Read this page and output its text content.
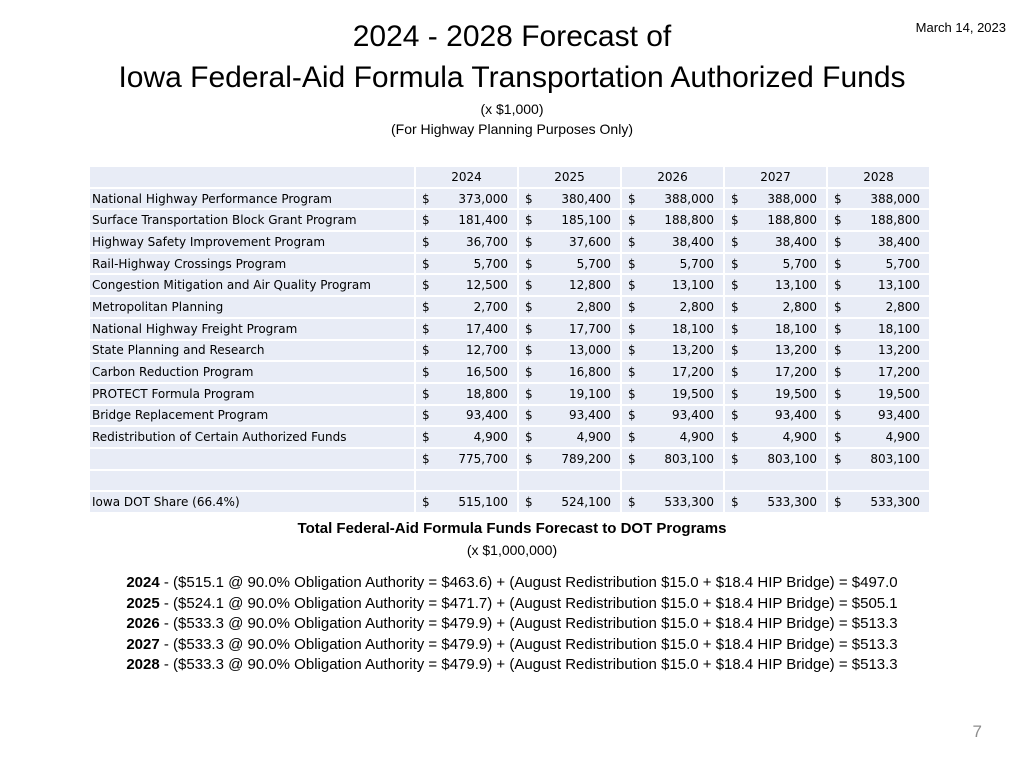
March 14, 2023
2024 - 2028 Forecast of
Iowa Federal-Aid Formula Transportation Authorized Funds
(x $1,000)
(For Highway Planning Purposes Only)
	2024	2025	2026	2027	2028
National Highway Performance Program	$ 373,000	$ 380,400	$ 388,000	$ 388,000	$ 388,000

Surface Transportation Block Grant Program	$ 181,400	$ 185,100	$ 188,800	$ 188,800	$ 188,800

Highway Safety Improvement Program	$ 36,700	$ 37,600	$ 38,400	$ 38,400	$ 38,400

Rail-Highway Crossings Program	$ 5,700	$ 5,700	$ 5,700	$ 5,700	$ 5,700

Congestion Mitigation and Air Quality Program	$ 12,500	$ 12,800	$ 13,100	$ 13,100	$ 13,100

Metropolitan Planning	$ 2,700	$ 2,800	$ 2,800	$ 2,800	$ 2,800

National Highway Freight Program	$ 17,400	$ 17,700	$ 18,100	$ 18,100	$ 18,100

State Planning and Research	$ 12,700	$ 13,000	$ 13,200	$ 13,200	$ 13,200

Carbon Reduction Program	$ 16,500	$ 16,800	$ 17,200	$ 17,200	$ 17,200

PROTECT Formula Program	$ 18,800	$ 19,100	$ 19,500	$ 19,500	$ 19,500

Bridge Replacement Program	$ 93,400	$ 93,400	$ 93,400	$ 93,400	$ 93,400

Redistribution of Certain Authorized Funds	$ 4,900	$ 4,900	$ 4,900	$ 4,900	$ 4,900

	$ 775,700	$ 789,200	$ 803,100	$ 803,100	$ 803,100

Iowa DOT Share (66.4%)	$ 515,100	$ 524,100	$ 533,300	$ 533,300	$ 533,300
Total Federal-Aid Formula Funds Forecast to DOT Programs
(x $1,000,000)
2024 - ($515.1 @ 90.0% Obligation Authority = $463.6) + (August Redistribution $15.0 + $18.4 HIP Bridge) = $497.0
2025 - ($524.1 @ 90.0% Obligation Authority = $471.7) + (August Redistribution $15.0 + $18.4 HIP Bridge) = $505.1
2026 - ($533.3 @ 90.0% Obligation Authority = $479.9) + (August Redistribution $15.0 + $18.4 HIP Bridge) = $513.3
2027 - ($533.3 @ 90.0% Obligation Authority = $479.9) + (August Redistribution $15.0 + $18.4 HIP Bridge) = $513.3
2028 - ($533.3 @ 90.0% Obligation Authority = $479.9) + (August Redistribution $15.0 + $18.4 HIP Bridge) = $513.3
7
